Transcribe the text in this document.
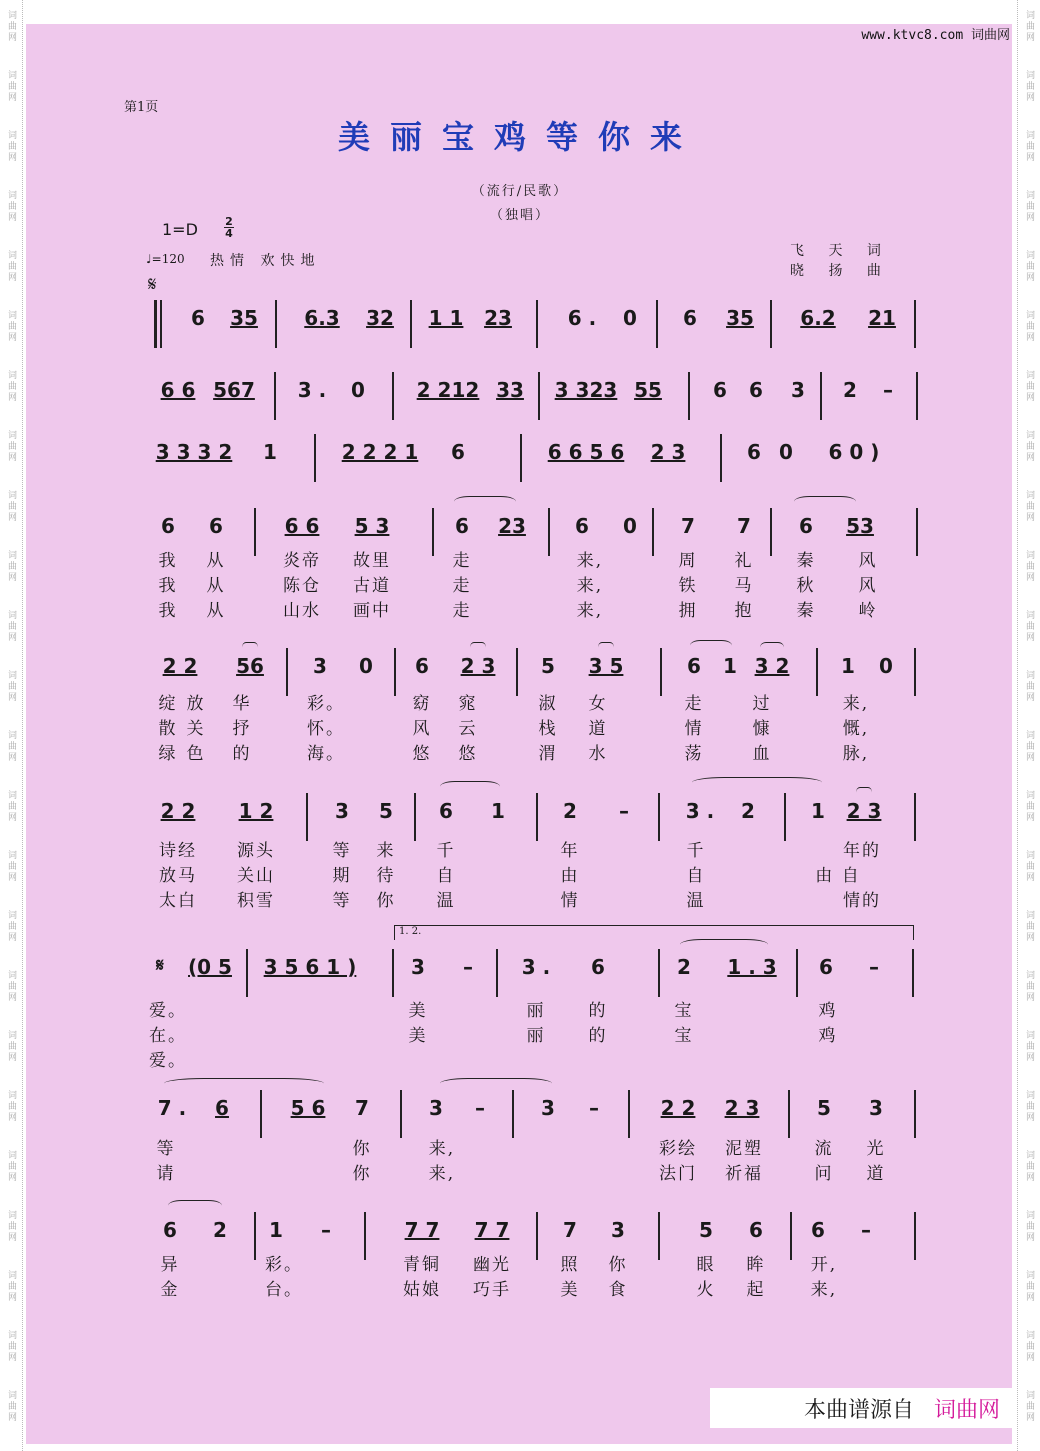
词曲网
词曲网
词曲网
词曲网
词曲网
词曲网
词曲网
词曲网
词曲网
词曲网
词曲网
词曲网
词曲网
词曲网
词曲网
词曲网
词曲网
词曲网
词曲网
词曲网
词曲网
词曲网
词曲网
词曲网
词曲网
词曲网
词曲网
词曲网
词曲网
词曲网
词曲网
词曲网
词曲网
词曲网
词曲网
词曲网
词曲网
词曲网
词曲网
词曲网
词曲网
词曲网
词曲网
词曲网
词曲网
词曲网
词曲网
词曲网
www.ktvc8.com 词曲网
第1页
美丽宝鸡等你来
（流行/民歌）
（独唱）
1=D 2
4
♩=120 热情 欢快地
飞 天 词
晓 扬 曲
𝄋
6 35 6.3 32 1 1 23	6 . 0 6 35 6.2 21
6 6 567 3 . 0	2 212 33 3 323 55	6 6 3 2 –
3 3 3 2 1	2 2 2 1 6	6 6 5 6 2 3	6 0 6 0 )
6 6	6 6 5 3	6 23 6 0 7 7 6 53
我 从	炎帝 故里	走	来,	周 礼	秦	风
我 从	陈仓 古道	走	来,	铁 马	秋	风
我 从	山水 画中	走	来,	拥 抱	秦	岭
2 2 56 3 0 6 2 3 5 3 5	6 1 3 2	1 0
绽 放 华	彩。	窈 窕	淑 女	走	过	来,
散 关 抒	怀。	风 云	栈 道	情	慷	慨,
绿 色 的	海。	悠 悠	渭 水	荡	血	脉,
2 2 1 2	3 5 6 1	2 –	3 . 2	1 2 3
诗经 源头	等 来 千	年	千	年的
放马 关山	期 待 自	由	自	由 自
太白 积雪	等 你 温	情	温	情的
1. 2.
𝄋 (0 5 3 5 6 1 )	3 – 3 . 6	2 1 . 3 6 –
爱。	美	丽	的	宝	鸡
在。	美	丽	的	宝	鸡
爱。
7 . 6	5 6 7	3 –	3 –	2 2 2 3	5 3
等	你	来,	彩绘 泥塑	流 光
请	你	来,	法门 祈福	问 道
6 2 1 –	7 7 7 7	7 3	5 6 6 –
异	彩。	青铜 幽光	照 你	眼 眸	开,
金	台。	姑娘 巧手	美 食	火 起	来,
本曲谱源自 词曲网
